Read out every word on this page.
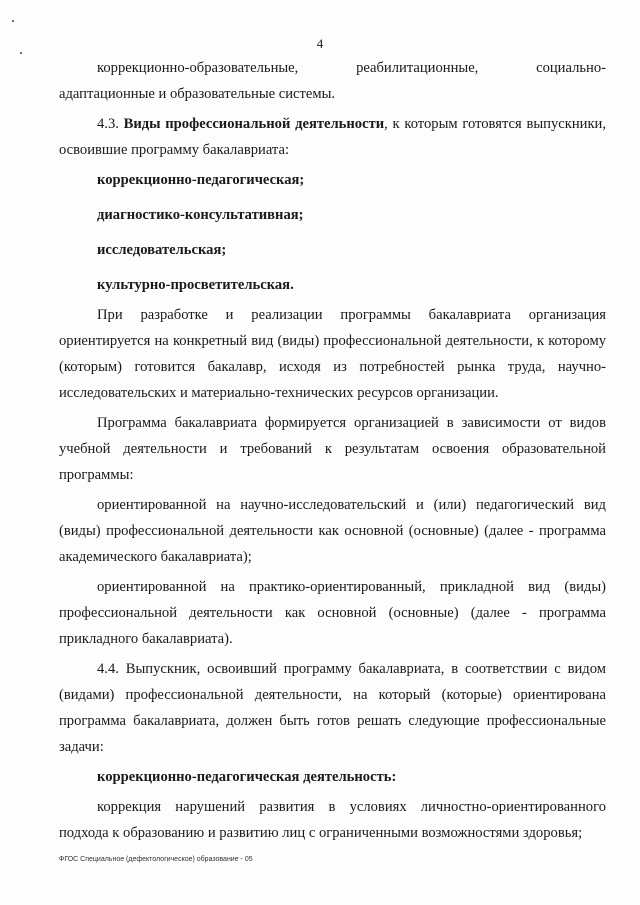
4

коррекционно-образовательные, реабилитационные, социально-
адаптационные и образовательные системы.

4.3. Виды профессиональной деятельности, к которым готовятся выпускники, освоившие программу бакалавриата:

коррекционно-педагогическая;

диагностико-консультативная;

исследовательская;

культурно-просветительская.

При разработке и реализации программы бакалавриата организация ориентируется на конкретный вид (виды) профессиональной деятельности, к которому (которым) готовится бакалавр, исходя из потребностей рынка труда, научно-исследовательских и материально-технических ресурсов организации.

Программа бакалавриата формируется организацией в зависимости от видов учебной деятельности и требований к результатам освоения образовательной программы:

ориентированной на научно-исследовательский и (или) педагогический вид (виды) профессиональной деятельности как основной (основные) (далее - программа академического бакалавриата);

ориентированной на практико-ориентированный, прикладной вид (виды) профессиональной деятельности как основной (основные) (далее - программа прикладного бакалавриата).

4.4. Выпускник, освоивший программу бакалавриата, в соответствии с видом (видами) профессиональной деятельности, на который (которые) ориентирована программа бакалавриата, должен быть готов решать следующие профессиональные задачи:

коррекционно-педагогическая деятельность:

коррекция нарушений развития в условиях личностно-ориентированного подхода к образованию и развитию лиц с ограниченными возможностями здоровья;

ФГОС Специальное (дефектологическое) образование - 05
